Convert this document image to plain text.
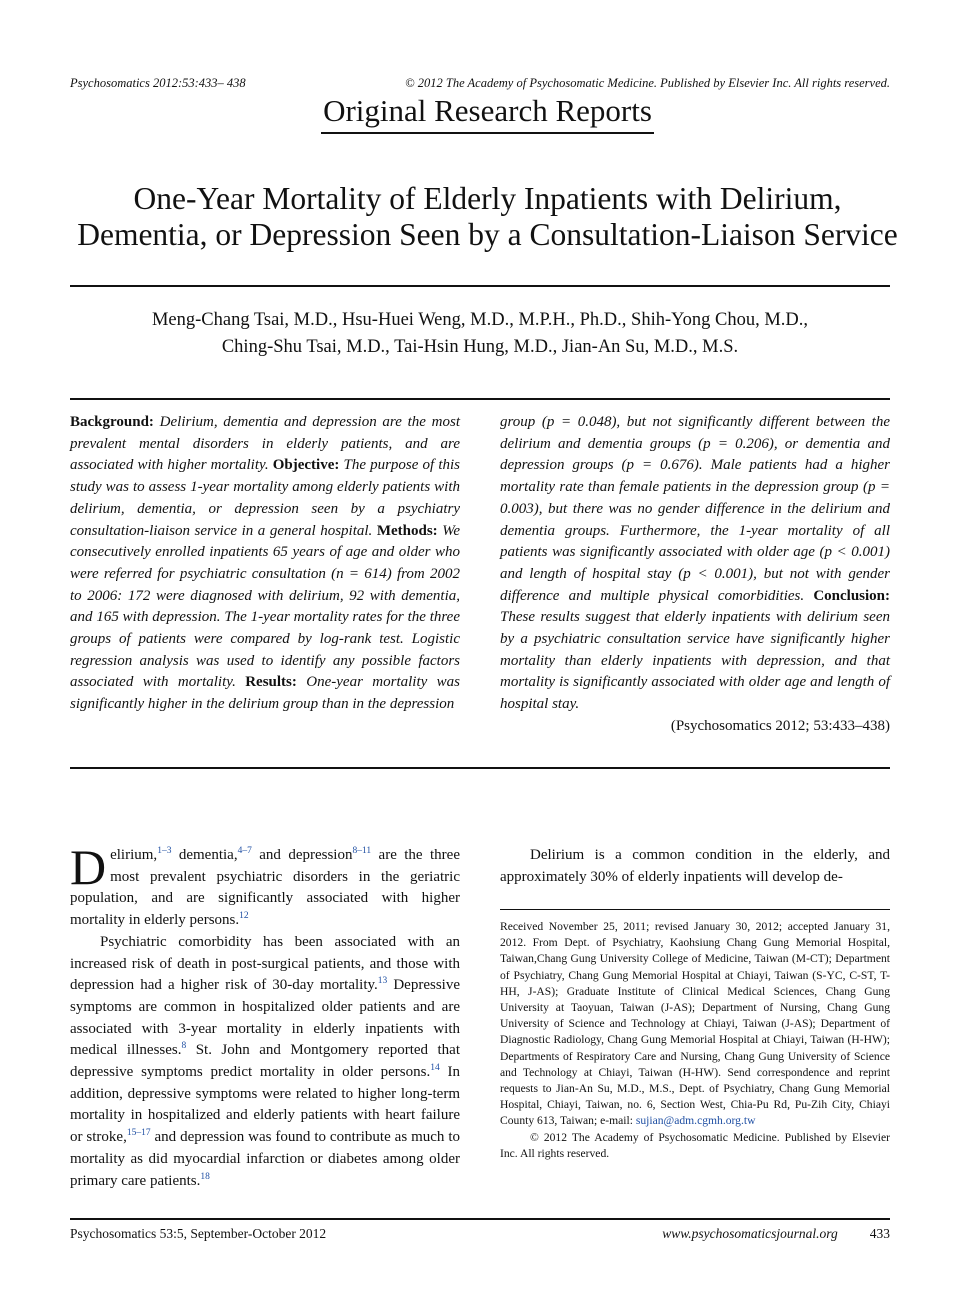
Psychosomatics 2012:53:433– 438	© 2012 The Academy of Psychosomatic Medicine. Published by Elsevier Inc. All rights reserved.
Original Research Reports
One-Year Mortality of Elderly Inpatients with Delirium,
Dementia, or Depression Seen by a Consultation-Liaison Service
Meng-Chang Tsai, M.D., Hsu-Huei Weng, M.D., M.P.H., Ph.D., Shih-Yong Chou, M.D.,
Ching-Shu Tsai, M.D., Tai-Hsin Hung, M.D., Jian-An Su, M.D., M.S.
Background: Delirium, dementia and depression are the most prevalent mental disorders in elderly patients, and are associated with higher mortality. Objective: The purpose of this study was to assess 1-year mortality among elderly patients with delirium, dementia, or depression seen by a psychiatry consultation-liaison service in a general hospital. Methods: We consecutively enrolled inpatients 65 years of age and older who were referred for psychiatric consultation (n = 614) from 2002 to 2006: 172 were diagnosed with delirium, 92 with dementia, and 165 with depression. The 1-year mortality rates for the three groups of patients were compared by log-rank test. Logistic regression analysis was used to identify any possible factors associated with mortality. Results: One-year mortality was significantly higher in the delirium group than in the depression
group (p = 0.048), but not significantly different between the delirium and dementia groups (p = 0.206), or dementia and depression groups (p = 0.676). Male patients had a higher mortality rate than female patients in the depression group (p = 0.003), but there was no gender difference in the delirium and dementia groups. Furthermore, the 1-year mortality of all patients was significantly associated with older age (p < 0.001) and length of hospital stay (p < 0.001), but not with gender difference and multiple physical comorbidities. Conclusion: These results suggest that elderly inpatients with delirium seen by a psychiatric consultation service have significantly higher mortality than elderly inpatients with depression, and that mortality is significantly associated with older age and length of hospital stay.
(Psychosomatics 2012; 53:433–438)

Delirium,$^{1-3}$ dementia,$^{4-7}$ and depression$^{8-11}$ are the three most prevalent psychiatric disorders in the geriatric population, and are significantly associated with higher mortality in elderly persons.$^{12}$

Psychiatric comorbidity has been associated with an increased risk of death in post-surgical patients, and those with depression had a higher risk of 30-day mortality.$^{13}$ Depressive symptoms are common in hospitalized older patients and are associated with 3-year mortality in elderly inpatients with medical illnesses.$^8$ St. John and Montgomery reported that depressive symptoms predict mortality in older persons.$^{14}$ In addition, depressive symptoms were related to higher long-term mortality in hospitalized and elderly patients with heart failure or stroke,$^{15-17}$ and depression was found to contribute as much to mortality as did myocardial infarction or diabetes among older primary care patients.$^{18}$

Delirium is a common condition in the elderly, and approximately 30% of elderly inpatients will develop de-

Received November 25, 2011; revised January 30, 2012; accepted January 31, 2012. From Dept. of Psychiatry, Kaohsiung Chang Gung Memorial Hospital, Taiwan,Chang Gung University College of Medicine, Taiwan (M-CT); Department of Psychiatry, Chang Gung Memorial Hospital at Chiayi, Taiwan (S-YC, C-ST, T-HH, J-AS); Graduate Institute of Clinical Medical Sciences, Chang Gung University at Taoyuan, Taiwan (J-AS); Department of Nursing, Chang Gung University of Science and Technology at Chiayi, Taiwan (J-AS); Department of Diagnostic Radiology, Chang Gung Memorial Hospital at Chiayi, Taiwan (H-HW); Departments of Respiratory Care and Nursing, Chang Gung University of Science and Technology at Chiayi, Taiwan (H-HW). Send correspondence and reprint requests to Jian-An Su, M.D., M.S., Dept. of Psychiatry, Chang Gung Memorial Hospital, Chiayi, Taiwan, no. 6, Section West, Chia-Pu Rd, Pu-Zih City, Chiayi County 613, Taiwan; e-mail: sujian@adm.cgmh.org.tw

© 2012 The Academy of Psychosomatic Medicine. Published by Elsevier Inc. All rights reserved.

Psychosomatics 53:5, September-October 2012	www.psychosomaticsjournal.org 433
